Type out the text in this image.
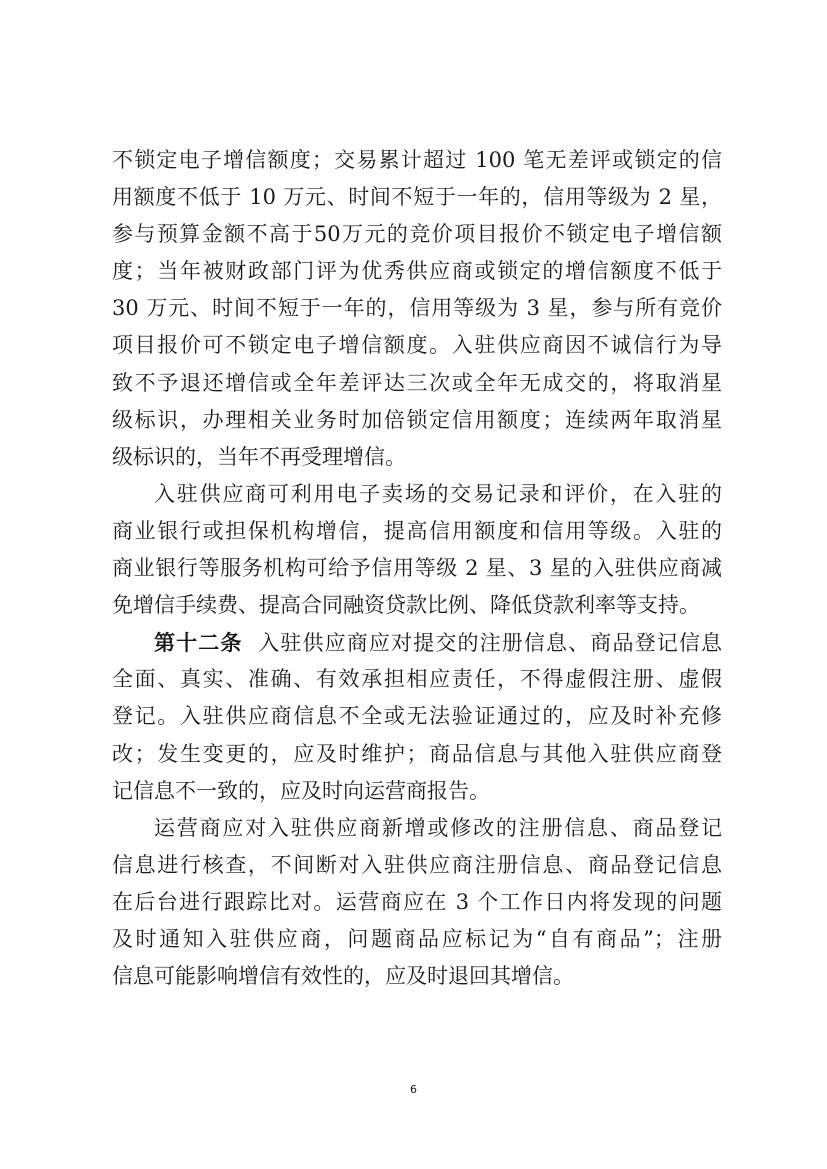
不锁定电子增信额度；交易累计超过 100 笔无差评或锁定的信
用额度不低于 10 万元、时间不短于一年的，信用等级为 2 星，
参与预算金额不高于50万元的竞价项目报价不锁定电子增信额
度；当年被财政部门评为优秀供应商或锁定的增信额度不低于
30 万元、时间不短于一年的，信用等级为 3 星，参与所有竞价
项目报价可不锁定电子增信额度。入驻供应商因不诚信行为导
致不予退还增信或全年差评达三次或全年无成交的，将取消星
级标识，办理相关业务时加倍锁定信用额度；连续两年取消星
级标识的，当年不再受理增信。
入驻供应商可利用电子卖场的交易记录和评价，在入驻的
商业银行或担保机构增信，提高信用额度和信用等级。入驻的
商业银行等服务机构可给予信用等级 2 星、3 星的入驻供应商减
免增信手续费、提高合同融资贷款比例、降低贷款利率等支持。
第十二条 入驻供应商应对提交的注册信息、商品登记信息
全面、真实、准确、有效承担相应责任，不得虚假注册、虚假
登记。入驻供应商信息不全或无法验证通过的，应及时补充修
改；发生变更的，应及时维护；商品信息与其他入驻供应商登
记信息不一致的，应及时向运营商报告。
运营商应对入驻供应商新增或修改的注册信息、商品登记
信息进行核查，不间断对入驻供应商注册信息、商品登记信息
在后台进行跟踪比对。运营商应在 3 个工作日内将发现的问题
及时通知入驻供应商，问题商品应标记为“自有商品”；注册
信息可能影响增信有效性的，应及时退回其增信。
6
